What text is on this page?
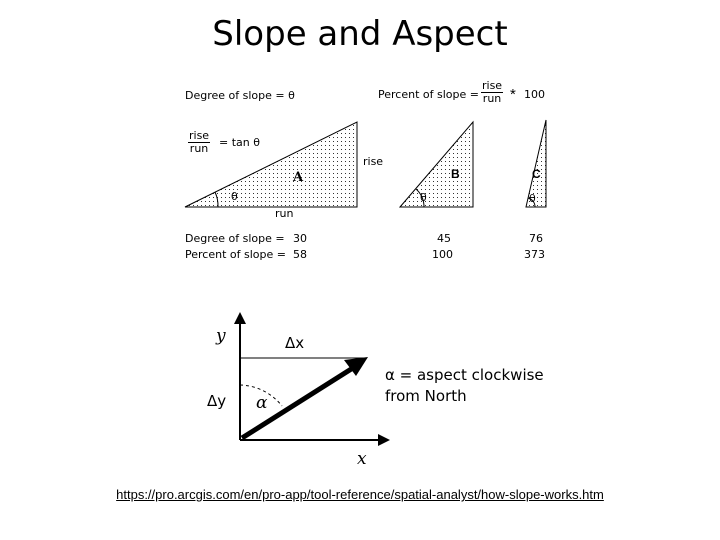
Slope and Aspect
Degree of slope = θ	Percent of slope =
rise
run * 100
rise
run = tan θ
rise
run
θ	θ	θ
A	B	C
Degree of slope = 30	45	76
Percent of slope = 58	100	373
y
x
Δx
Δy α
α = aspect clockwise
from North
https://pro.arcgis.com/en/pro-app/tool-reference/spatial-analyst/how-slope-works.htm
